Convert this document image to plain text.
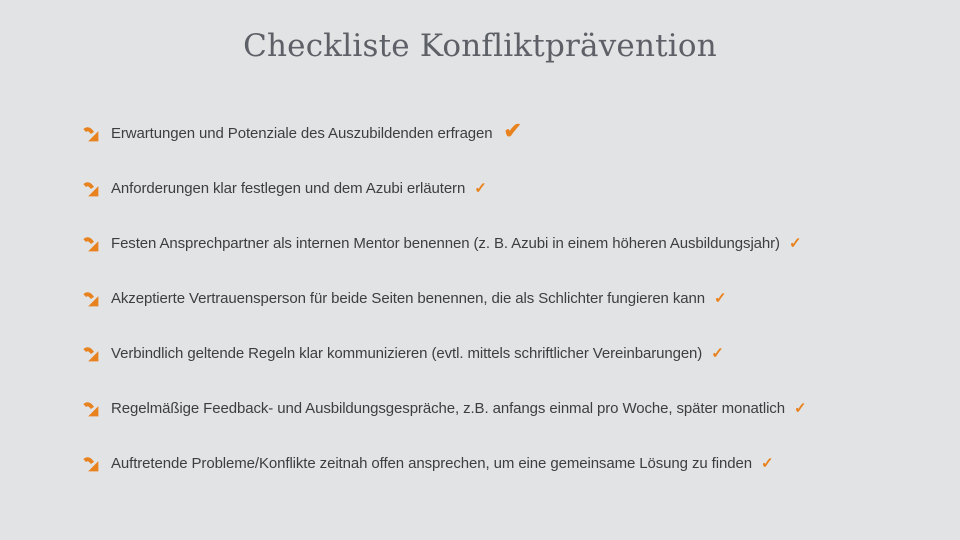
Checkliste Konfliktprävention
Erwartungen und Potenziale des Auszubildenden erfragen ✔
Anforderungen klar festlegen und dem Azubi erläutern ✓
Festen Ansprechpartner als internen Mentor benennen (z. B. Azubi in einem höheren Ausbildungsjahr) ✓
Akzeptierte Vertrauensperson für beide Seiten benennen, die als Schlichter fungieren kann ✓
Verbindlich geltende Regeln klar kommunizieren (evtl. mittels schriftlicher Vereinbarungen) ✓
Regelmäßige Feedback- und Ausbildungsgespräche, z.B. anfangs einmal pro Woche, später monatlich ✓
Auftretende Probleme/Konflikte zeitnah offen ansprechen, um eine gemeinsame Lösung zu finden ✓
